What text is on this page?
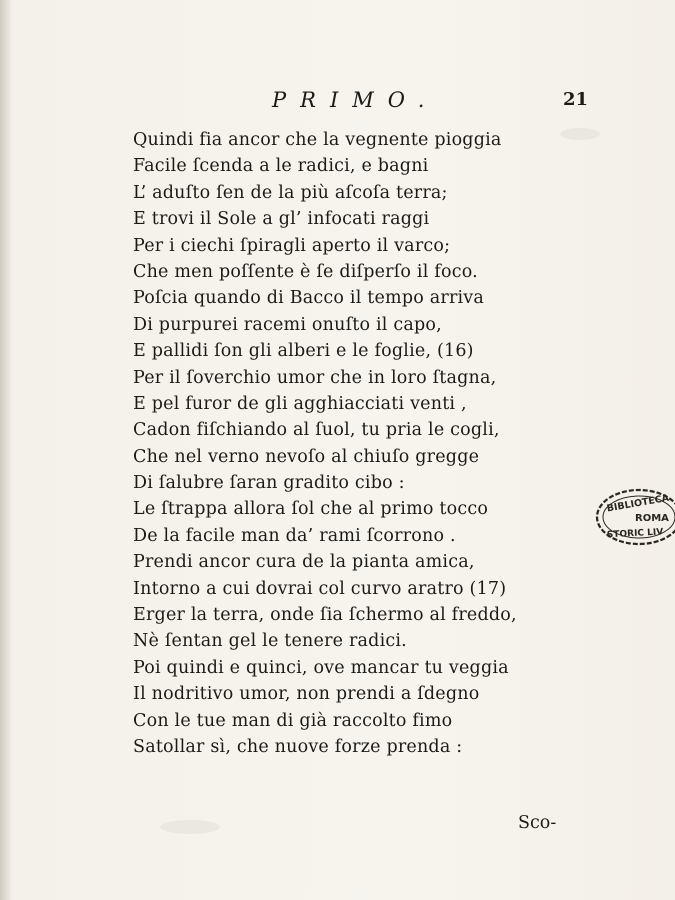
PRIMO.	21
Quindi fia ancor che la vegnente pioggia
Facile ſcenda a le radici, e bagni
L’ aduſto ſen de la più aſcoſa terra;
E trovi il Sole a gl’ infocati raggi
Per i ciechi ſpiragli aperto il varco;
Che men poſſente è ſe diſperſo il foco.
Poſcia quando di Bacco il tempo arriva
Di purpurei racemi onuſto il capo,
E pallidi ſon gli alberi e le foglie, (16)
Per il ſoverchio umor che in loro ſtagna,
E pel furor de gli agghiacciati venti ,
Cadon fiſchiando al ſuol, tu pria le cogli,
Che nel verno nevoſo al chiuſo gregge
Di ſalubre ſaran gradito cibo :
Le ſtrappa allora ſol che al primo tocco
De la facile man da’ rami ſcorrono .
Prendi ancor cura de la pianta amica,
Intorno a cui dovrai col curvo aratro (17)
Erger la terra, onde ſia ſchermo al freddo,
Nè ſentan gel le tenere radici.
Poi quindi e quinci, ove mancar tu veggia
Il nodritivo umor, non prendi a ſdegno
Con le tue man di già raccolto fimo
Satollar sì, che nuove forze prenda :
Sco-
BIBLIOTECA
ROMA
STORIC LIV
